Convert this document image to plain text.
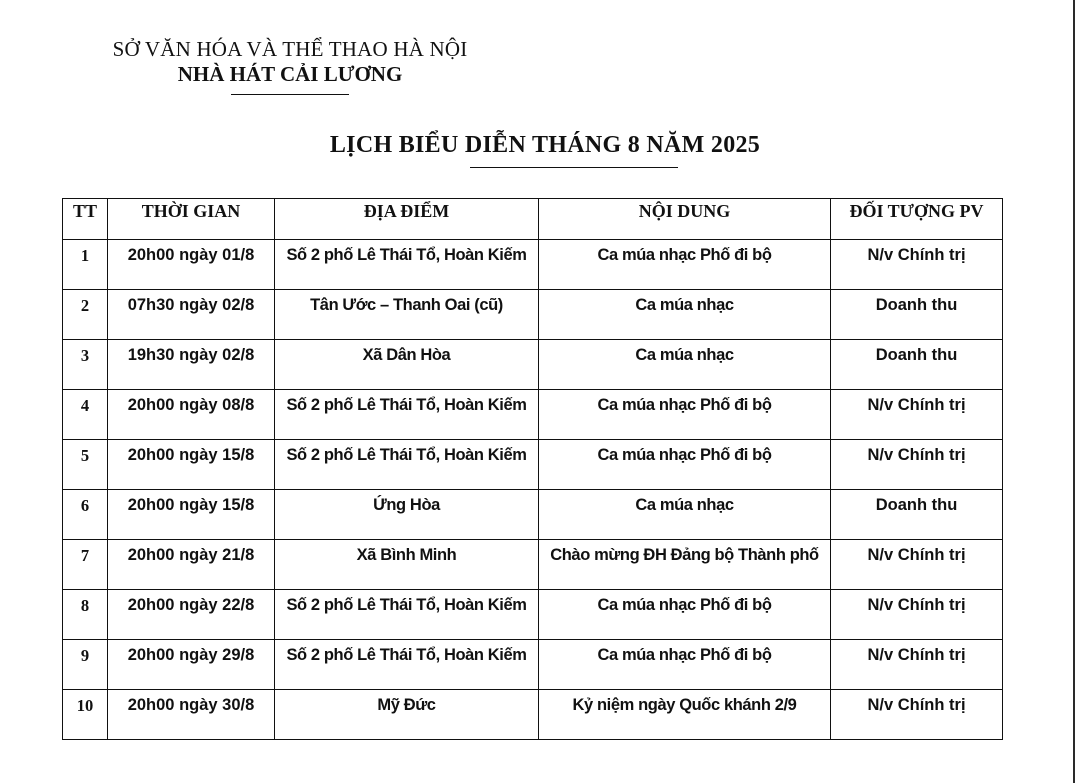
SỞ VĂN HÓA VÀ THỂ THAO HÀ NỘI
NHÀ HÁT CẢI LƯƠNG
LỊCH BIỂU DIỄN THÁNG 8 NĂM 2025
TT	THỜI GIAN	ĐỊA ĐIỂM	NỘI DUNG	ĐỐI TƯỢNG PV
1	20h00 ngày 01/8	Số 2 phố Lê Thái Tổ, Hoàn Kiếm	Ca múa nhạc Phố đi bộ	N/v Chính trị
2	07h30 ngày 02/8	Tân Ước – Thanh Oai (cũ)	Ca múa nhạc	Doanh thu
3	19h30 ngày 02/8	Xã Dân Hòa	Ca múa nhạc	Doanh thu
4	20h00 ngày 08/8	Số 2 phố Lê Thái Tổ, Hoàn Kiếm	Ca múa nhạc Phố đi bộ	N/v Chính trị
5	20h00 ngày 15/8	Số 2 phố Lê Thái Tổ, Hoàn Kiếm	Ca múa nhạc Phố đi bộ	N/v Chính trị
6	20h00 ngày 15/8	Ứng Hòa	Ca múa nhạc	Doanh thu
7	20h00 ngày 21/8	Xã Bình Minh	Chào mừng ĐH Đảng bộ Thành phố	N/v Chính trị
8	20h00 ngày 22/8	Số 2 phố Lê Thái Tổ, Hoàn Kiếm	Ca múa nhạc Phố đi bộ	N/v Chính trị
9	20h00 ngày 29/8	Số 2 phố Lê Thái Tổ, Hoàn Kiếm	Ca múa nhạc Phố đi bộ	N/v Chính trị
10	20h00 ngày 30/8	Mỹ Đức	Kỷ niệm ngày Quốc khánh 2/9	N/v Chính trị
